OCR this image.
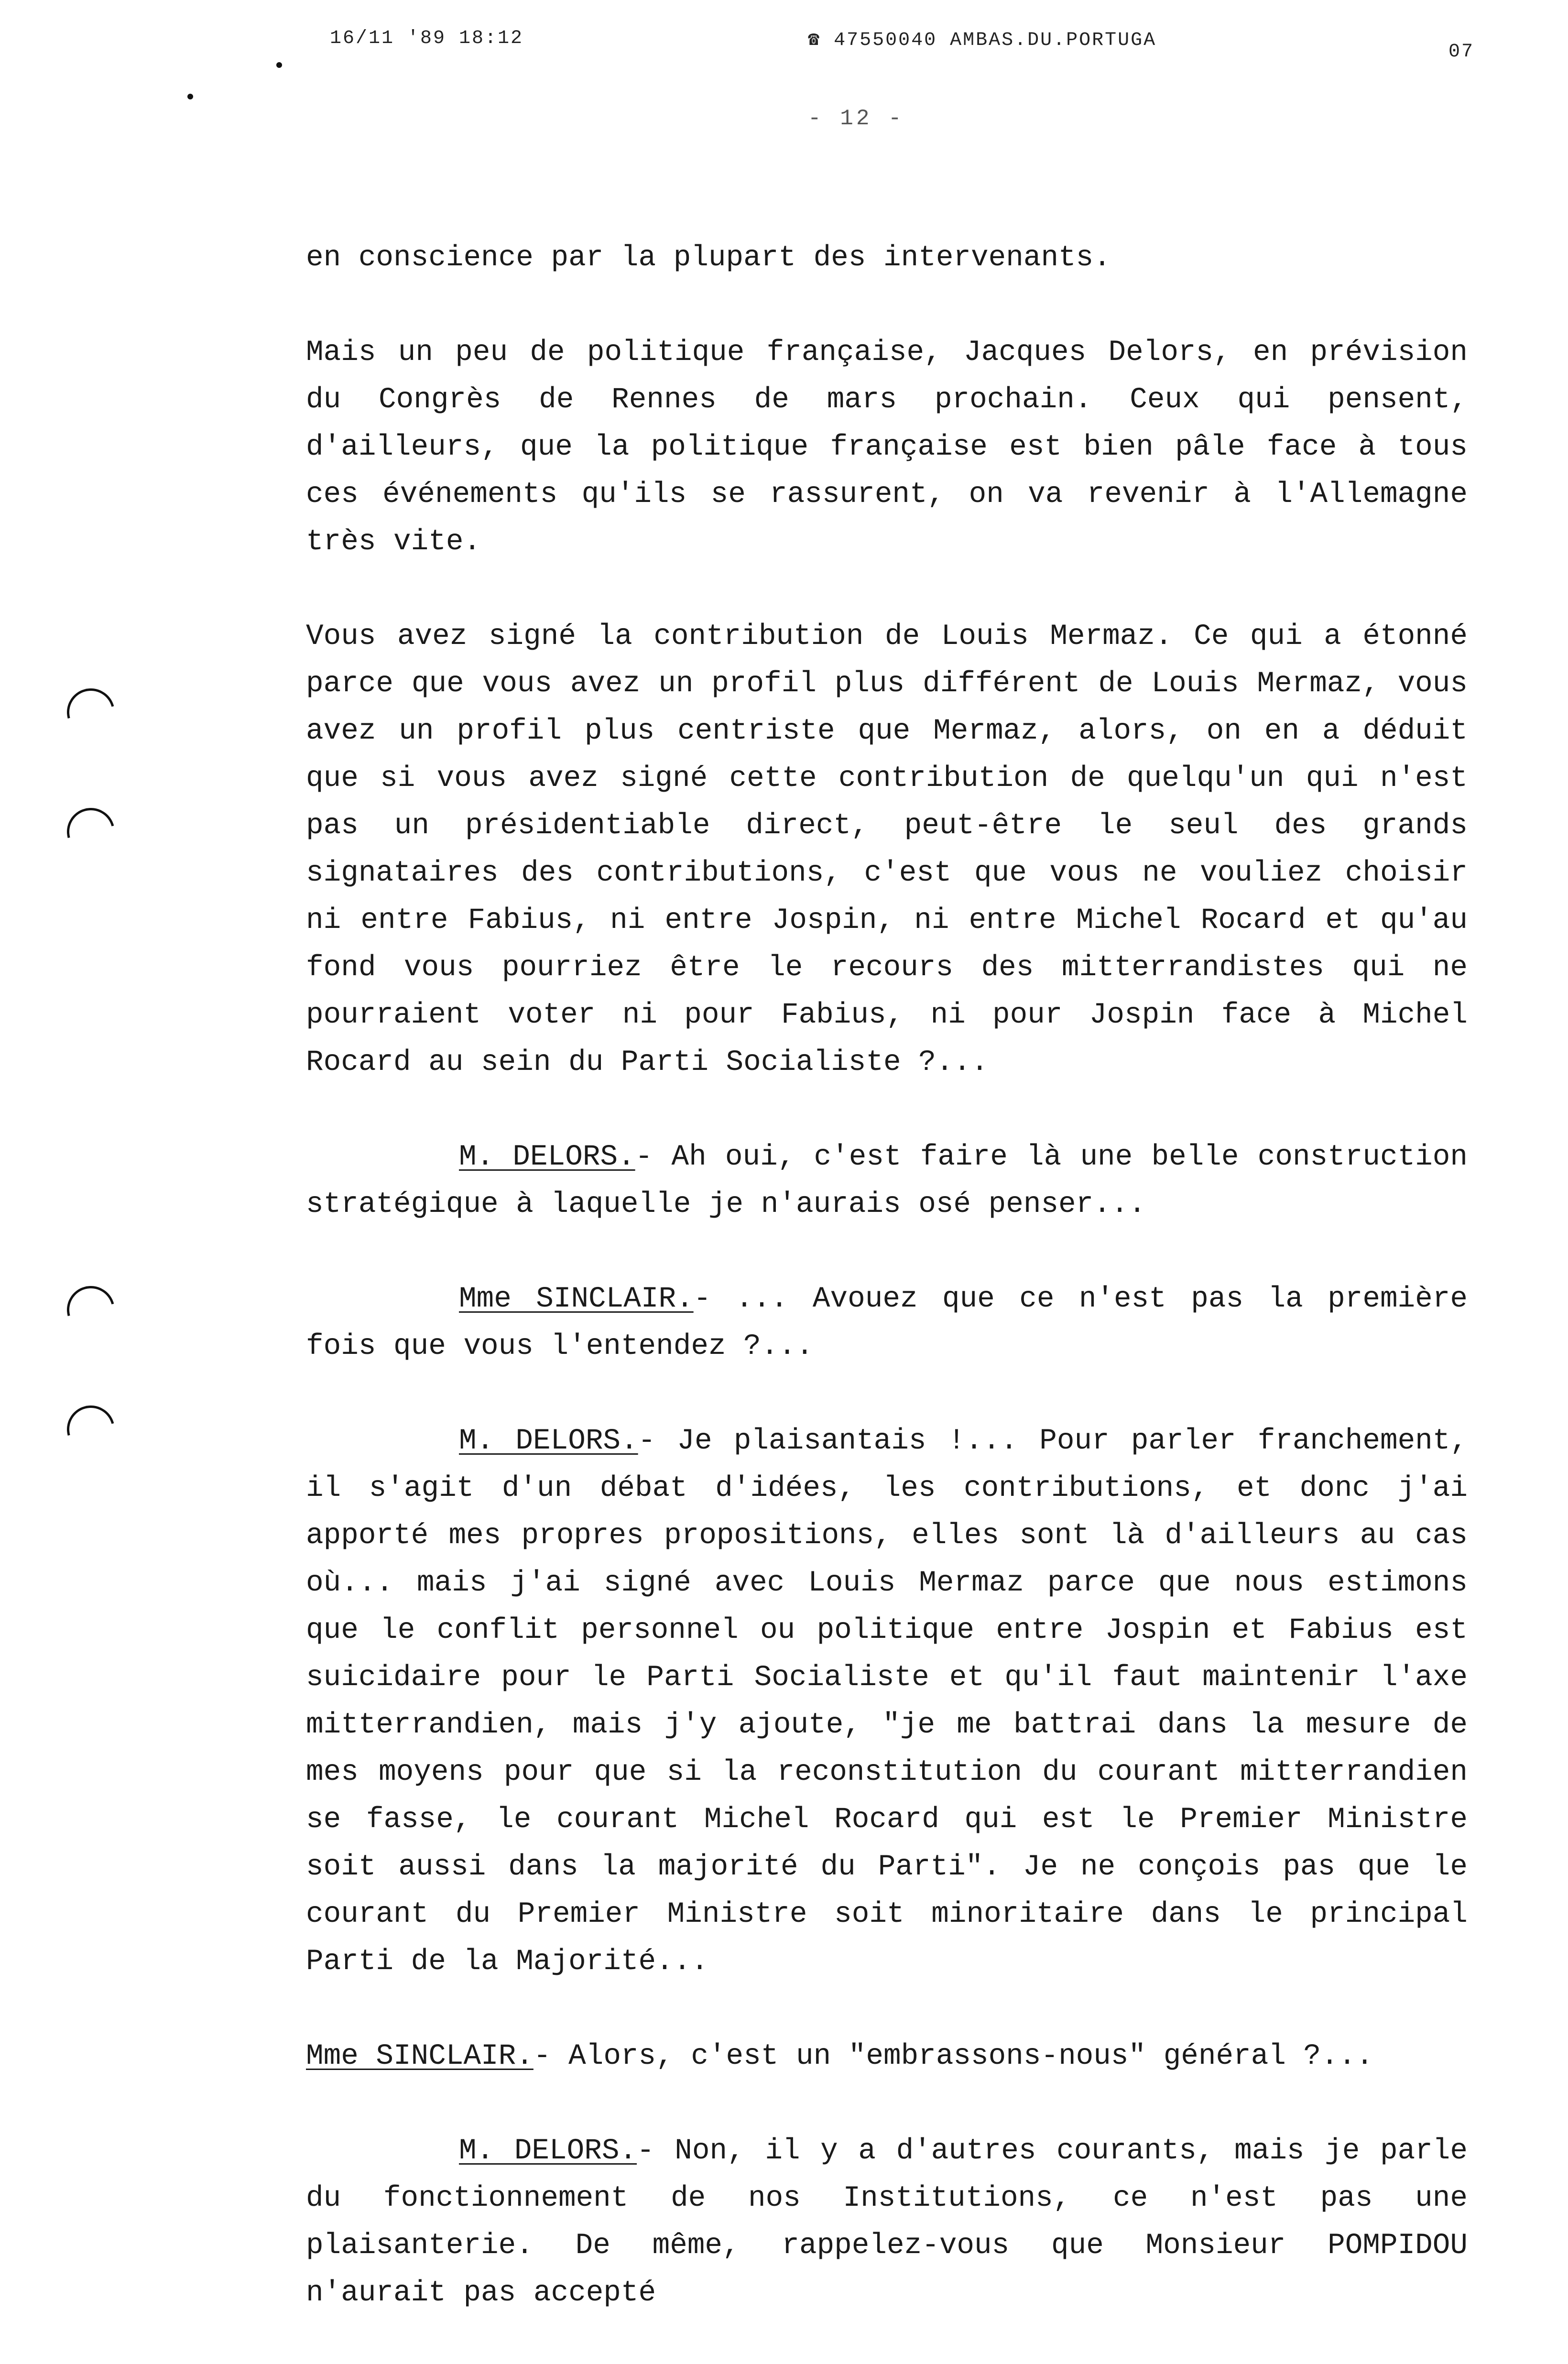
16/11 '89 18:12	☎ 47550040 AMBAS.DU.PORTUGA
07
- 12 -

en conscience par la plupart des intervenants.

Mais un peu de politique française, Jacques Delors, en prévision du Congrès de Rennes de mars prochain. Ceux qui pensent, d'ailleurs, que la politique française est bien pâle face à tous ces événements qu'ils se rassurent, on va revenir à l'Allemagne très vite.

Vous avez signé la contribution de Louis Mermaz. Ce qui a étonné parce que vous avez un profil plus différent de Louis Mermaz, vous avez un profil plus centriste que Mermaz, alors, on en a déduit que si vous avez signé cette contribution de quelqu'un qui n'est pas un présidentiable direct, peut-être le seul des grands signataires des contributions, c'est que vous ne vouliez choisir ni entre Fabius, ni entre Jospin, ni entre Michel Rocard et qu'au fond vous pourriez être le recours des mitterrandistes qui ne pourraient voter ni pour Fabius, ni pour Jospin face à Michel Rocard au sein du Parti Socialiste ?...

M. DELORS.- Ah oui, c'est faire là une belle construction stratégique à laquelle je n'aurais osé penser...

Mme SINCLAIR.- ... Avouez que ce n'est pas la première fois que vous l'entendez ?...

M. DELORS.- Je plaisantais !... Pour parler franchement, il s'agit d'un débat d'idées, les contributions, et donc j'ai apporté mes propres propositions, elles sont là d'ailleurs au cas où... mais j'ai signé avec Louis Mermaz parce que nous estimons que le conflit personnel ou politique entre Jospin et Fabius est suicidaire pour le Parti Socialiste et qu'il faut maintenir l'axe mitterrandien, mais j'y ajoute, "je me battrai dans la mesure de mes moyens pour que si la reconstitution du courant mitterrandien se fasse, le courant Michel Rocard qui est le Premier Ministre soit aussi dans la majorité du Parti". Je ne conçois pas que le courant du Premier Ministre soit minoritaire dans le principal Parti de la Majorité...

Mme SINCLAIR.- Alors, c'est un "embrassons-nous" général ?...

M. DELORS.- Non, il y a d'autres courants, mais je parle du fonctionnement de nos Institutions, ce n'est pas une plaisanterie. De même, rappelez-vous que Monsieur POMPIDOU n'aurait pas accepté
